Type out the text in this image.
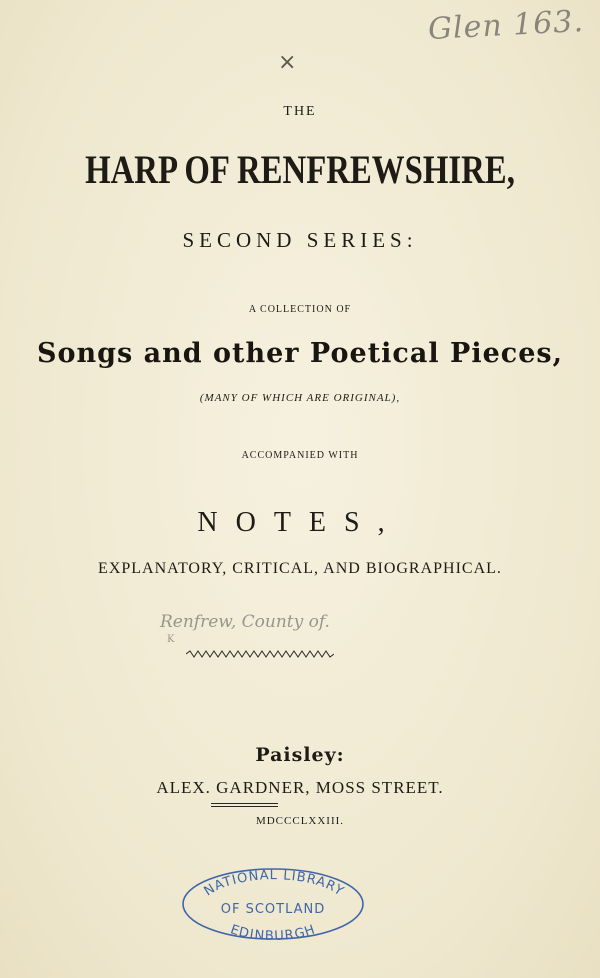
Glen 163.
×
THE
HARP OF RENFREWSHIRE,
SECOND SERIES:
A COLLECTION OF
Songs and other Poetical Pieces,
(MANY OF WHICH ARE ORIGINAL),
ACCOMPANIED WITH
NOTES,
EXPLANATORY, CRITICAL, AND BIOGRAPHICAL.
Renfrew, County of.
K
Paisley:
ALEX. GARDNER, MOSS STREET.
MDCCCLXXIII.
NATIONAL LIBRARY
OF SCOTLAND
EDINBURGH
